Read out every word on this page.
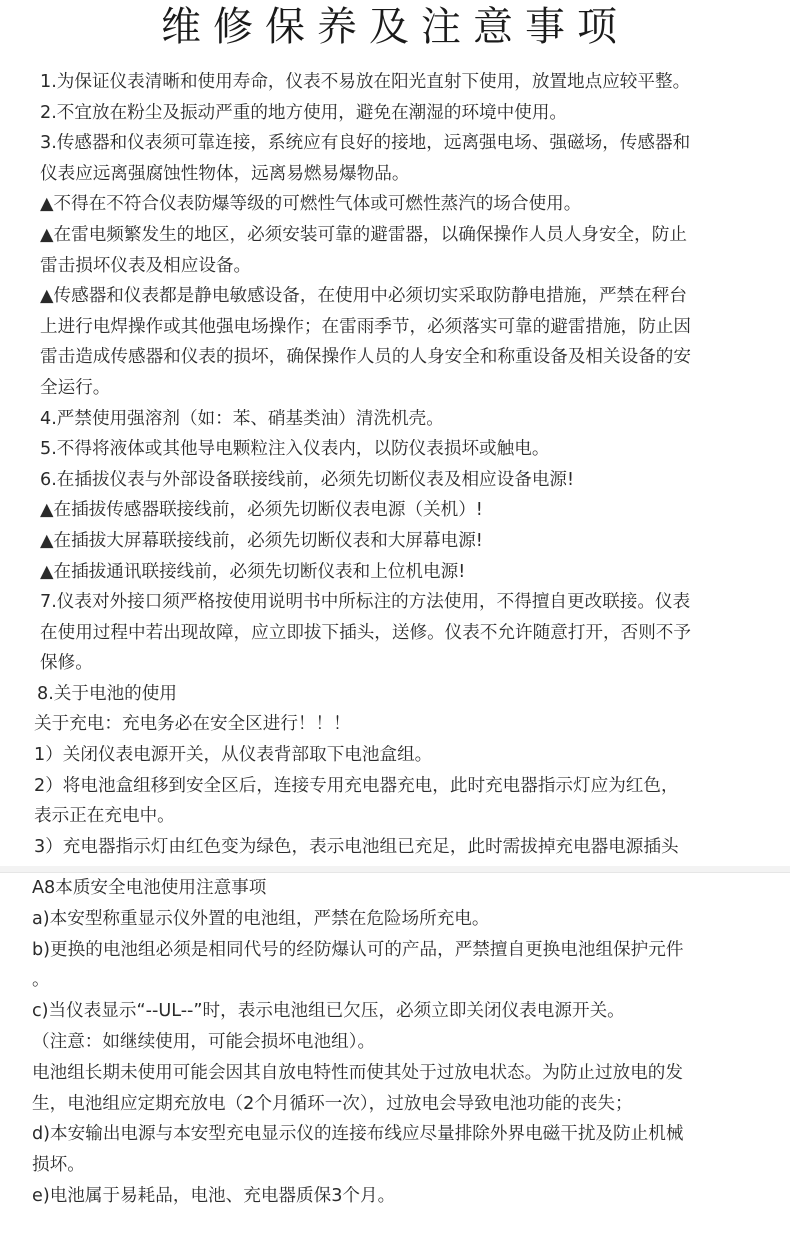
维修保养及注意事项
1.为保证仪表清晰和使用寿命，仪表不易放在阳光直射下使用，放置地点应较平整。
2.不宜放在粉尘及振动严重的地方使用，避免在潮湿的环境中使用。
3.传感器和仪表须可靠连接，系统应有良好的接地，远离强电场、强磁场，传感器和
仪表应远离强腐蚀性物体，远离易燃易爆物品。
▲不得在不符合仪表防爆等级的可燃性气体或可燃性蒸汽的场合使用。
▲在雷电频繁发生的地区，必须安装可靠的避雷器，以确保操作人员人身安全，防止
雷击损坏仪表及相应设备。
▲传感器和仪表都是静电敏感设备，在使用中必须切实采取防静电措施，严禁在秤台
上进行电焊操作或其他强电场操作；在雷雨季节，必须落实可靠的避雷措施，防止因
雷击造成传感器和仪表的损坏，确保操作人员的人身安全和称重设备及相关设备的安
全运行。
4.严禁使用强溶剂（如：苯、硝基类油）清洗机壳。
5.不得将液体或其他导电颗粒注入仪表内，以防仪表损坏或触电。
6.在插拔仪表与外部设备联接线前，必须先切断仪表及相应设备电源!
▲在插拔传感器联接线前，必须先切断仪表电源（关机）!
▲在插拔大屏幕联接线前，必须先切断仪表和大屏幕电源!
▲在插拔通讯联接线前，必须先切断仪表和上位机电源!
7.仪表对外接口须严格按使用说明书中所标注的方法使用，不得擅自更改联接。仪表
在使用过程中若出现故障，应立即拔下插头，送修。仪表不允许随意打开，否则不予
保修。
8.关于电池的使用
关于充电：充电务必在安全区进行！！！
1）关闭仪表电源开关，从仪表背部取下电池盒组。
2）将电池盒组移到安全区后，连接专用充电器充电，此时充电器指示灯应为红色，
表示正在充电中。
3）充电器指示灯由红色变为绿色，表示电池组已充足，此时需拔掉充电器电源插头
A8本质安全电池使用注意事项
a)本安型称重显示仪外置的电池组，严禁在危险场所充电。
b)更换的电池组必须是相同代号的经防爆认可的产品，严禁擅自更换电池组保护元件
。
c)当仪表显示“--UL--”时，表示电池组已欠压，必须立即关闭仪表电源开关。
（注意：如继续使用，可能会损坏电池组）。
电池组长期未使用可能会因其自放电特性而使其处于过放电状态。为防止过放电的发
生，电池组应定期充放电（2个月循环一次），过放电会导致电池功能的丧失；
d)本安输出电源与本安型充电显示仪的连接布线应尽量排除外界电磁干扰及防止机械
损坏。
e)电池属于易耗品，电池、充电器质保3个月。
